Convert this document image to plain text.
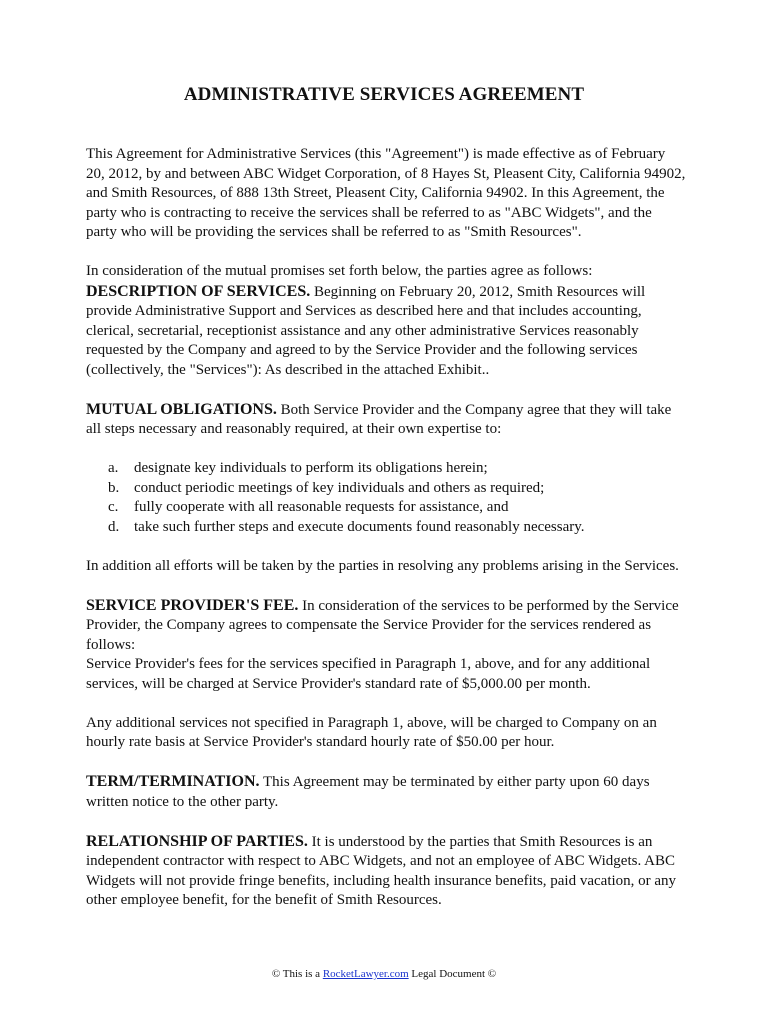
ADMINISTRATIVE SERVICES AGREEMENT

This Agreement for Administrative Services (this "Agreement") is made effective as of February 20, 2012, by and between ABC Widget Corporation, of 8 Hayes St, Pleasent City, California 94902, and Smith Resources, of 888 13th Street, Pleasent City, California 94902. In this Agreement, the party who is contracting to receive the services shall be referred to as "ABC Widgets", and the party who will be providing the services shall be referred to as "Smith Resources".

In consideration of the mutual promises set forth below, the parties agree as follows:

DESCRIPTION OF SERVICES. Beginning on February 20, 2012, Smith Resources will provide Administrative Support and Services as described here and that includes accounting, clerical, secretarial, receptionist assistance and any other administrative Services reasonably requested by the Company and agreed to by the Service Provider and the following services (collectively, the "Services"): As described in the attached Exhibit..

MUTUAL OBLIGATIONS. Both Service Provider and the Company agree that they will take all steps necessary and reasonably required, at their own expertise to:

a. designate key individuals to perform its obligations herein;
b. conduct periodic meetings of key individuals and others as required;
c. fully cooperate with all reasonable requests for assistance, and
d. take such further steps and execute documents found reasonably necessary.

In addition all efforts will be taken by the parties in resolving any problems arising in the Services.

SERVICE PROVIDER'S FEE. In consideration of the services to be performed by the Service Provider, the Company agrees to compensate the Service Provider for the services rendered as follows:

Service Provider's fees for the services specified in Paragraph 1, above, and for any additional services, will be charged at Service Provider's standard rate of $5,000.00 per month.

Any additional services not specified in Paragraph 1, above, will be charged to Company on an hourly rate basis at Service Provider's standard hourly rate of $50.00 per hour.

TERM/TERMINATION. This Agreement may be terminated by either party upon 60 days written notice to the other party.

RELATIONSHIP OF PARTIES. It is understood by the parties that Smith Resources is an independent contractor with respect to ABC Widgets, and not an employee of ABC Widgets. ABC Widgets will not provide fringe benefits, including health insurance benefits, paid vacation, or any other employee benefit, for the benefit of Smith Resources.

© This is a RocketLawyer.com Legal Document ©
